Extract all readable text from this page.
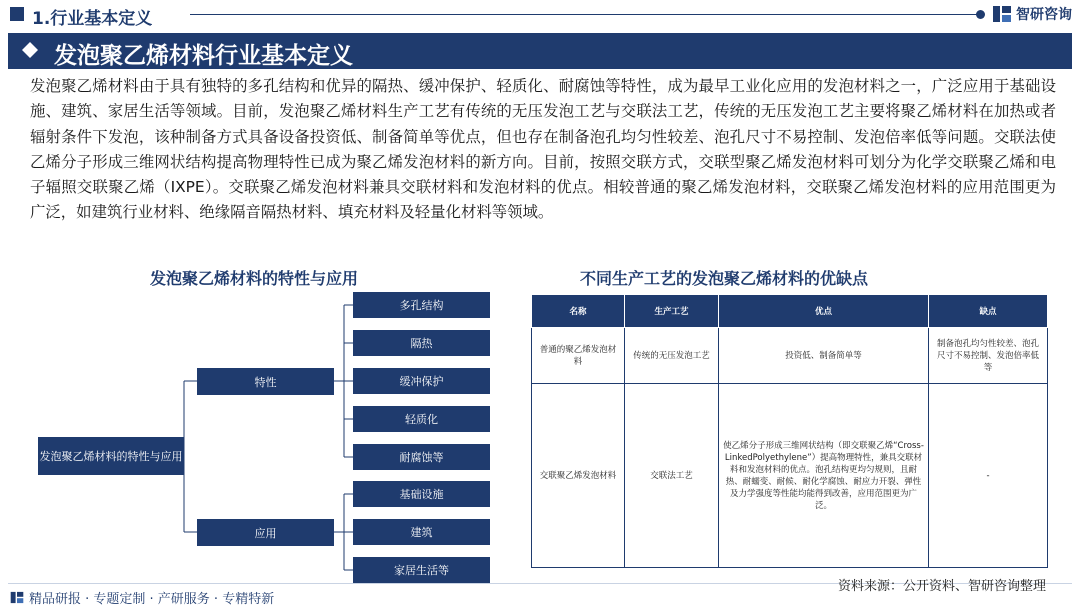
1.行业基本定义	智研咨询
发泡聚乙烯材料行业基本定义
发泡聚乙烯材料由于具有独特的多孔结构和优异的隔热、缓冲保护、轻质化、耐腐蚀等特性，成为最早工业化应用的发泡材料之一，广泛应用于基础设施、建筑、家居生活等领域。目前，发泡聚乙烯材料生产工艺有传统的无压发泡工艺与交联法工艺，传统的无压发泡工艺主要将聚乙烯材料在加热或者辐射条件下发泡，该种制备方式具备设备投资低、制备简单等优点，但也存在制备泡孔均匀性较差、泡孔尺寸不易控制、发泡倍率低等问题。交联法使乙烯分子形成三维网状结构提高物理特性已成为聚乙烯发泡材料的新方向。目前，按照交联方式，交联型聚乙烯发泡材料可划分为化学交联聚乙烯和电子辐照交联聚乙烯（IXPE）。交联聚乙烯发泡材料兼具交联材料和发泡材料的优点。相较普通的聚乙烯发泡材料，交联聚乙烯发泡材料的应用范围更为广泛，如建筑行业材料、绝缘隔音隔热材料、填充材料及轻量化材料等领域。
发泡聚乙烯材料的特性与应用
发泡聚乙烯材料的特性与应用
特性
应用
多孔结构
隔热
缓冲保护
轻质化
耐腐蚀等
基础设施
建筑
家居生活等
不同生产工艺的发泡聚乙烯材料的优缺点
名称	生产工艺	优点	缺点
普通的聚乙烯发泡材料	传统的无压发泡工艺	投资低、制备简单等	制备泡孔均匀性较差、泡孔尺寸不易控制、发泡倍率低等
交联聚乙烯发泡材料	交联法工艺	使乙烯分子形成三维网状结构（即交联聚乙烯“Cross-LinkedPolyethylene”）提高物理特性，兼具交联材料和发泡材料的优点。泡孔结构更均匀规则，且耐热、耐蠕变、耐候、耐化学腐蚀、耐应力开裂、弹性及力学强度等性能均能得到改善，应用范围更为广泛。	-
精品研报 · 专题定制 · 产研服务 · 专精特新
资料来源：公开资料、智研咨询整理
